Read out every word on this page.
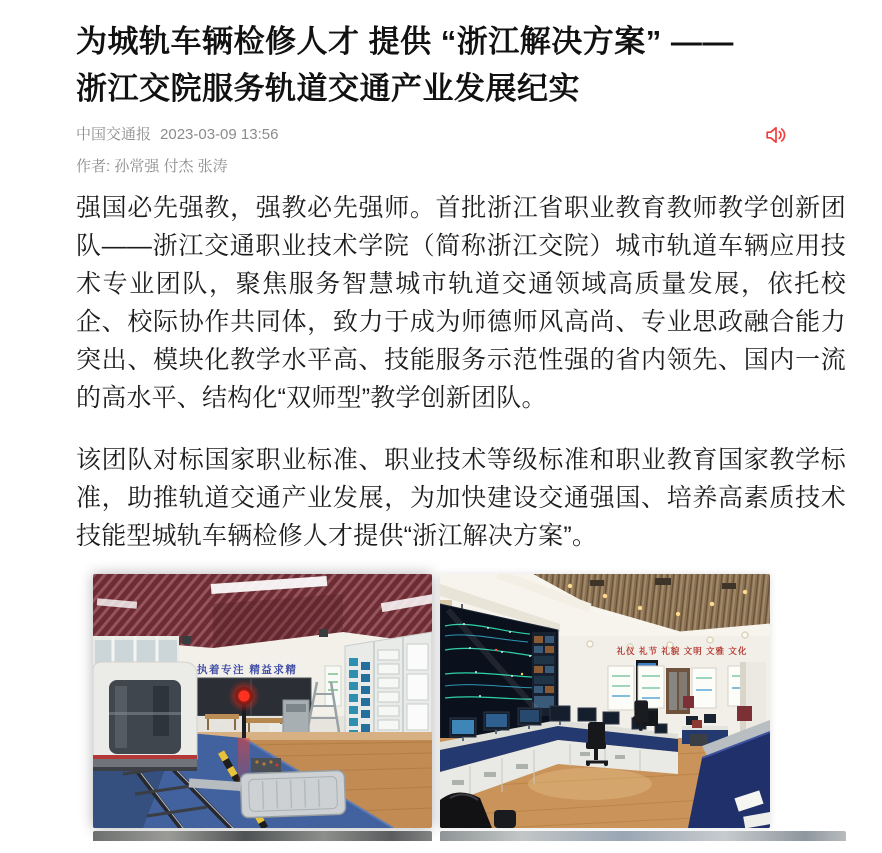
为城轨车辆检修人才 提供 “浙江解决方案” ——
浙江交院服务轨道交通产业发展纪实
中国交通报 2023-03-09 13:56
作者: 孙常强 付杰 张涛

强国必先强教，强教必先强师。首批浙江省职业教育教师教学创新团队——浙江交通职业技术学院（简称浙江交院）城市轨道车辆应用技术专业团队，聚焦服务智慧城市轨道交通领域高质量发展，依托校企、校际协作共同体，致力于成为师德师风高尚、专业思政融合能力突出、模块化教学水平高、技能服务示范性强的省内领先、国内一流的高水平、结构化“双师型”教学创新团队。

该团队对标国家职业标准、职业技术等级标准和职业教育国家教学标准，助推轨道交通产业发展，为加快建设交通强国、培养高素质技术技能型城轨车辆检修人才提供“浙江解决方案”。

执着专注 精益求精
礼仪 礼节 礼貌 文明 文雅 文化
